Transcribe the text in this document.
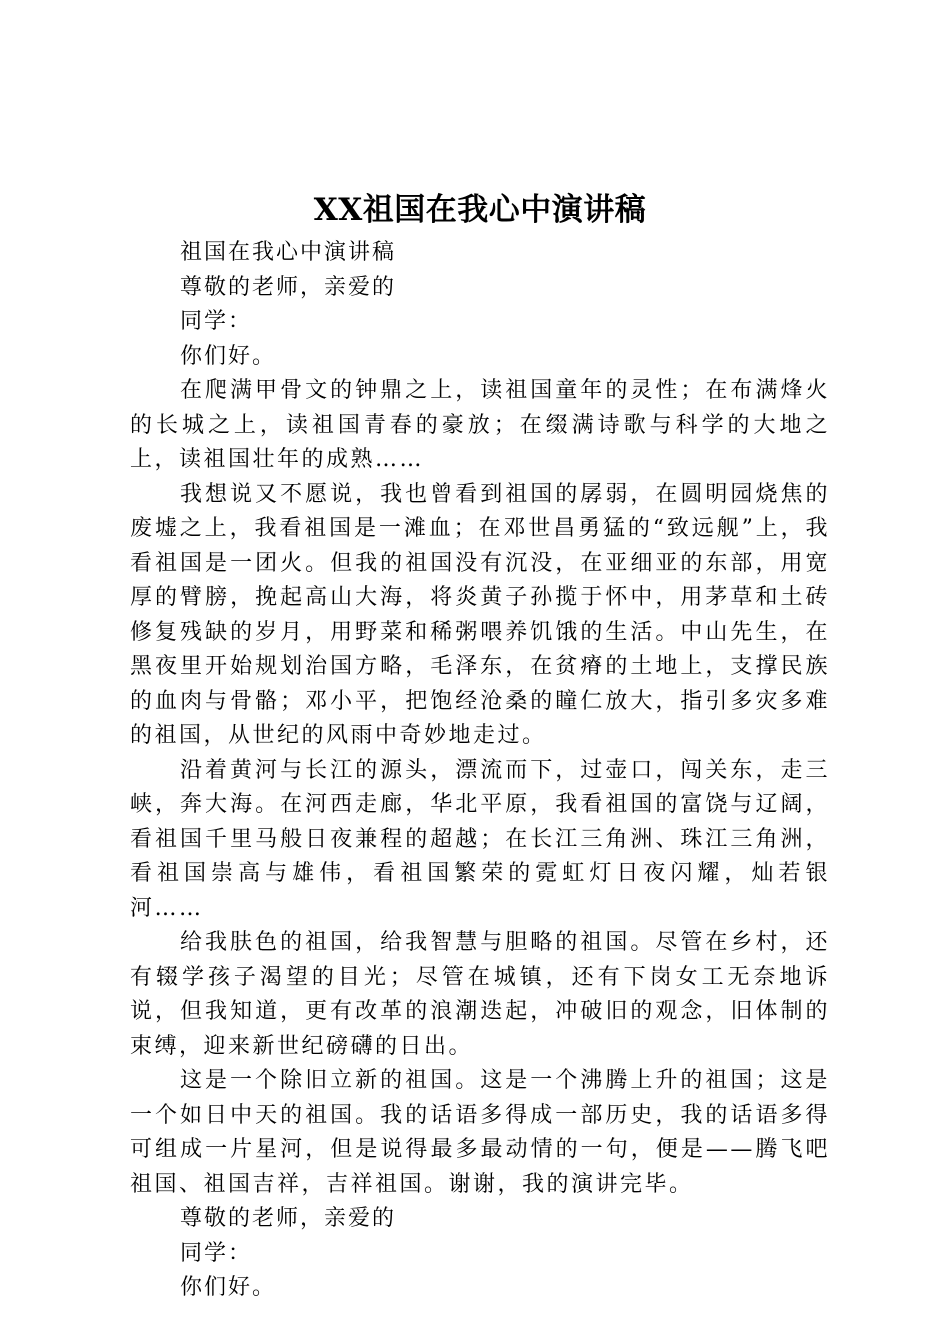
XX祖国在我心中演讲稿

祖国在我心中演讲稿

尊敬的老师，亲爱的

同学：

你们好。

在爬满甲骨文的钟鼎之上，读祖国童年的灵性；在布满烽火的长城之上，读祖国青春的豪放；在缀满诗歌与科学的大地之上，读祖国壮年的成熟……

我想说又不愿说，我也曾看到祖国的孱弱，在圆明园烧焦的废墟之上，我看祖国是一滩血；在邓世昌勇猛的“致远舰”上，我看祖国是一团火。但我的祖国没有沉没，在亚细亚的东部，用宽厚的臂膀，挽起高山大海，将炎黄子孙揽于怀中，用茅草和土砖修复残缺的岁月，用野菜和稀粥喂养饥饿的生活。中山先生，在黑夜里开始规划治国方略，毛泽东，在贫瘠的土地上，支撑民族的血肉与骨骼；邓小平，把饱经沧桑的瞳仁放大，指引多灾多难的祖国，从世纪的风雨中奇妙地走过。

沿着黄河与长江的源头，漂流而下，过壶口，闯关东，走三峡，奔大海。在河西走廊，华北平原，我看祖国的富饶与辽阔，看祖国千里马般日夜兼程的超越；在长江三角洲、珠江三角洲，看祖国崇高与雄伟，看祖国繁荣的霓虹灯日夜闪耀，灿若银河……

给我肤色的祖国，给我智慧与胆略的祖国。尽管在乡村，还有辍学孩子渴望的目光；尽管在城镇，还有下岗女工无奈地诉说，但我知道，更有改革的浪潮迭起，冲破旧的观念，旧体制的束缚，迎来新世纪磅礴的日出。

这是一个除旧立新的祖国。这是一个沸腾上升的祖国；这是一个如日中天的祖国。我的话语多得成一部历史，我的话语多得可组成一片星河，但是说得最多最动情的一句，便是——腾飞吧祖国、祖国吉祥，吉祥祖国。谢谢，我的演讲完毕。

尊敬的老师，亲爱的

同学：

你们好。
